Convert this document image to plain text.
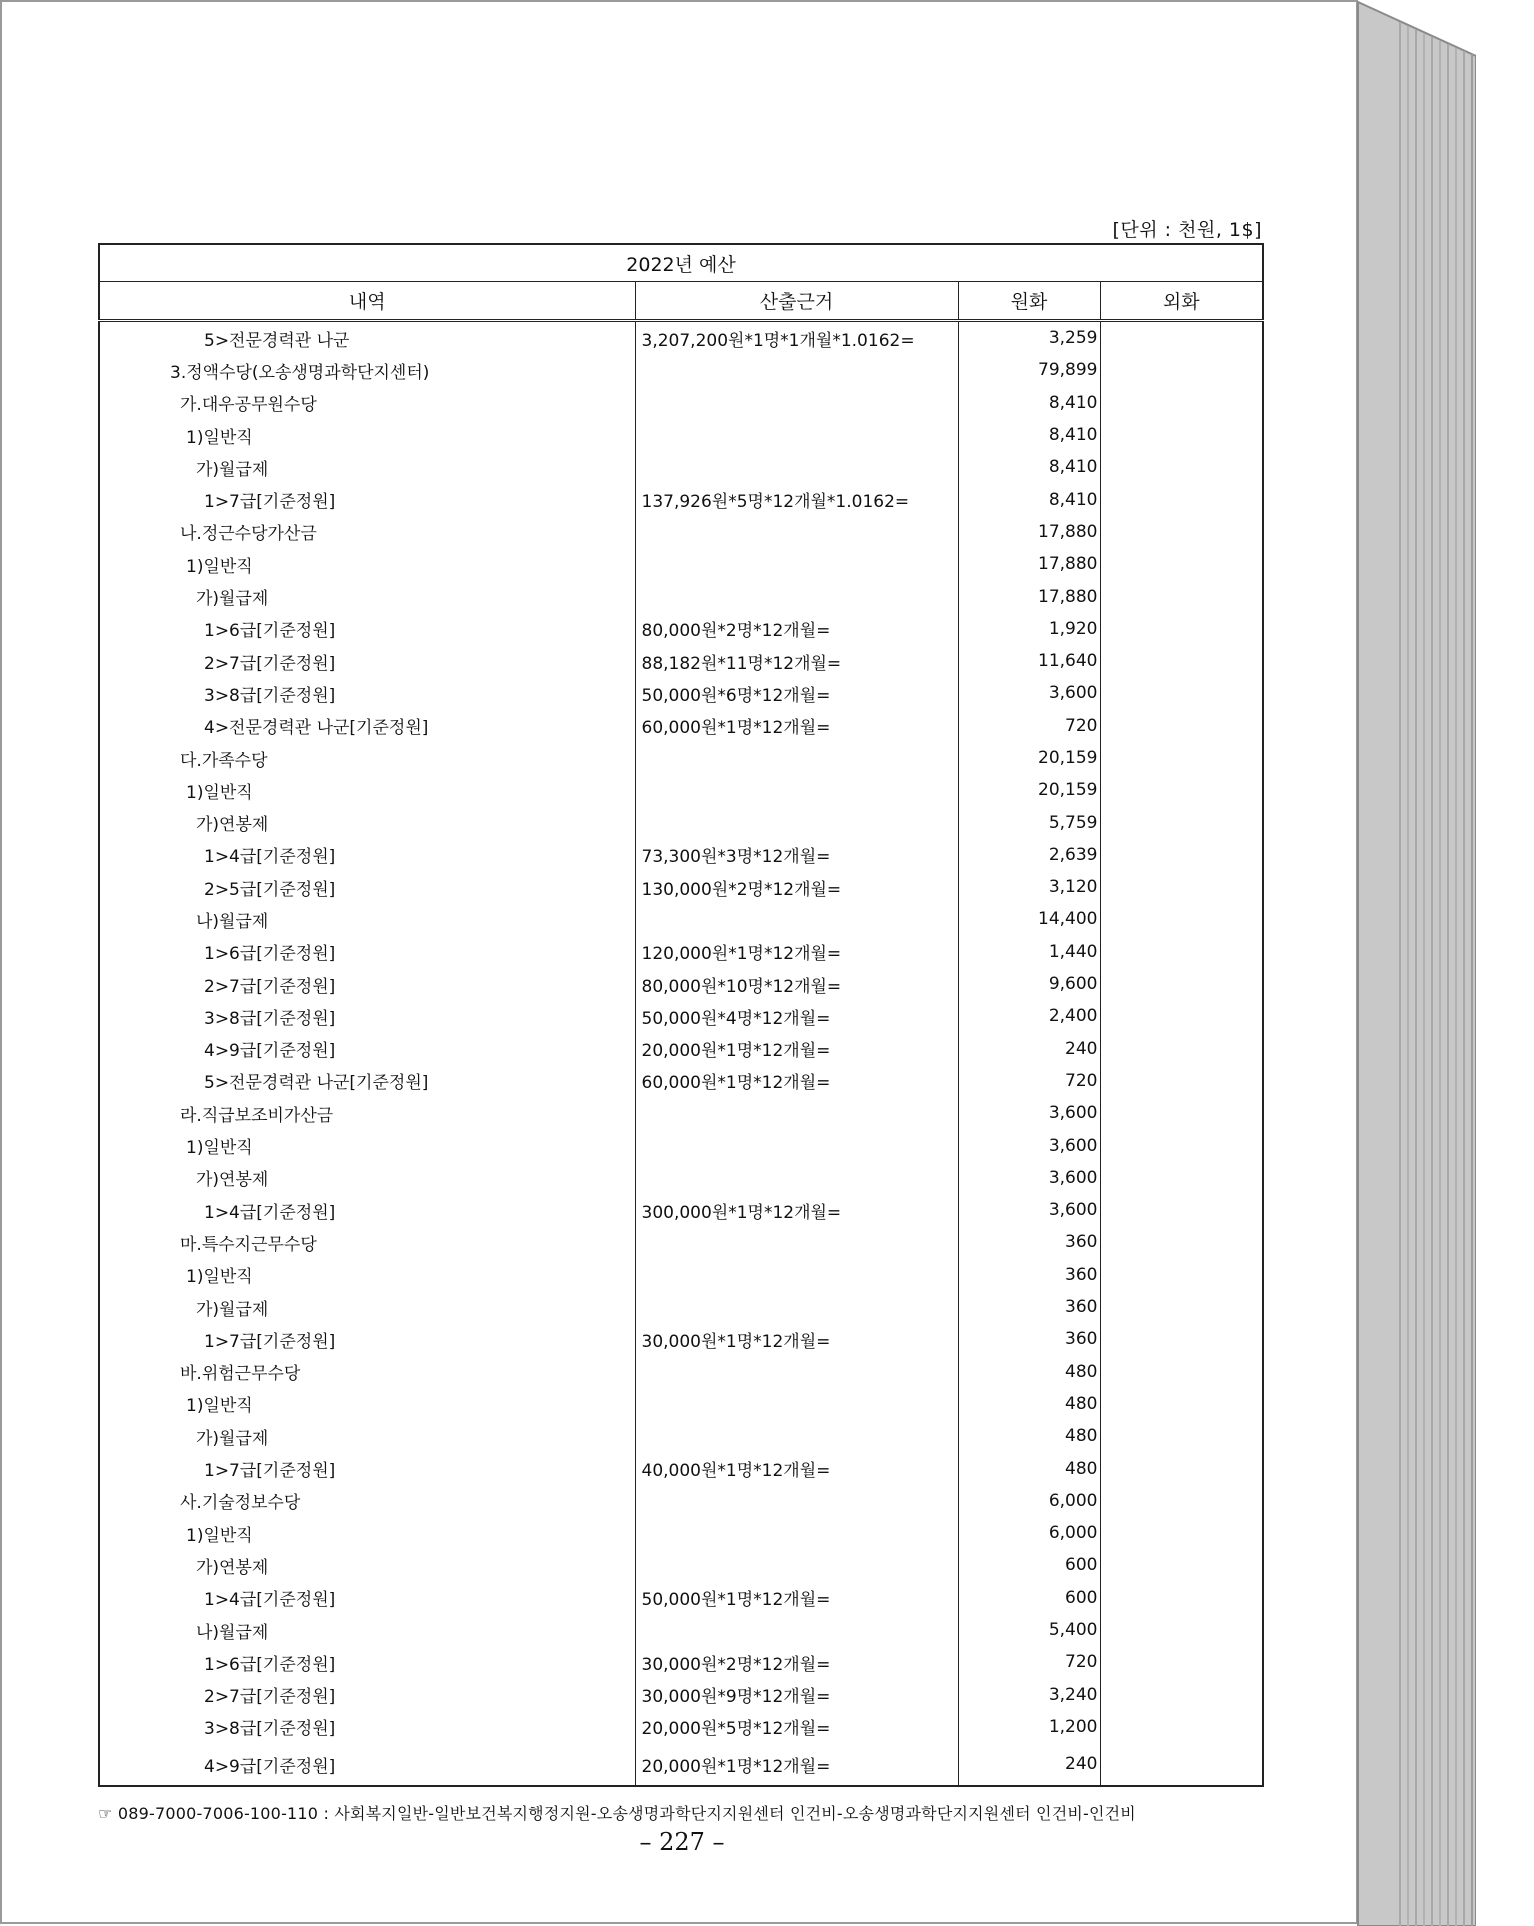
[단위 : 천원, 1$]
2022년 예산			
내역	산출근거	원화	외화
5>전문경력관 나군	3,207,200원*1명*1개월*1.0162=	3,259	
3.정액수당(오송생명과학단지센터)		79,899	
가.대우공무원수당		8,410	
1)일반직		8,410	
가)월급제		8,410	
1>7급[기준정원]	137,926원*5명*12개월*1.0162=	8,410	
나.정근수당가산금		17,880	
1)일반직		17,880	
가)월급제		17,880	
1>6급[기준정원]	80,000원*2명*12개월=	1,920	
2>7급[기준정원]	88,182원*11명*12개월=	11,640	
3>8급[기준정원]	50,000원*6명*12개월=	3,600	
4>전문경력관 나군[기준정원]	60,000원*1명*12개월=	720	
다.가족수당		20,159	
1)일반직		20,159	
가)연봉제		5,759	
1>4급[기준정원]	73,300원*3명*12개월=	2,639	
2>5급[기준정원]	130,000원*2명*12개월=	3,120	
나)월급제		14,400	
1>6급[기준정원]	120,000원*1명*12개월=	1,440	
2>7급[기준정원]	80,000원*10명*12개월=	9,600	
3>8급[기준정원]	50,000원*4명*12개월=	2,400	
4>9급[기준정원]	20,000원*1명*12개월=	240	
5>전문경력관 나군[기준정원]	60,000원*1명*12개월=	720	
라.직급보조비가산금		3,600	
1)일반직		3,600	
가)연봉제		3,600	
1>4급[기준정원]	300,000원*1명*12개월=	3,600	
마.특수지근무수당		360	
1)일반직		360	
가)월급제		360	
1>7급[기준정원]	30,000원*1명*12개월=	360	
바.위험근무수당		480	
1)일반직		480	
가)월급제		480	
1>7급[기준정원]	40,000원*1명*12개월=	480	
사.기술정보수당		6,000	
1)일반직		6,000	
가)연봉제		600	
1>4급[기준정원]	50,000원*1명*12개월=	600	
나)월급제		5,400	
1>6급[기준정원]	30,000원*2명*12개월=	720	
2>7급[기준정원]	30,000원*9명*12개월=	3,240	
3>8급[기준정원]	20,000원*5명*12개월=	1,200	
4>9급[기준정원]	20,000원*1명*12개월=	240	
☞ 089-7000-7006-100-110 : 사회복지일반-일반보건복지행정지원-오송생명과학단지지원센터 인건비-오송생명과학단지지원센터 인건비-인건비
– 227 –
